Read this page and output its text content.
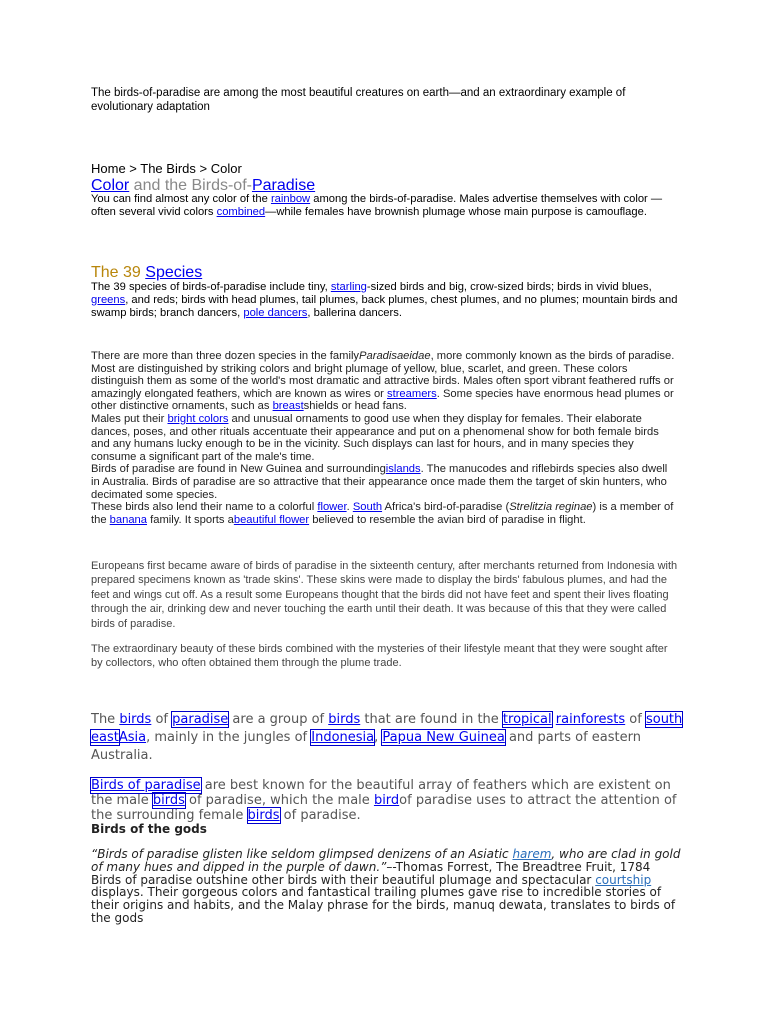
The birds-of-paradise are among the most beautiful creatures on earth—and an extraordinary example of evolutionary adaptation

Home > The Birds > Color

Color and the Birds-of-Paradise

You can find almost any color of the rainbow among the birds-of-paradise. Males advertise themselves with color —often several vivid colors combined—while females have brownish plumage whose main purpose is camouflage.

The 39 Species

The 39 species of birds-of-paradise include tiny, starling-sized birds and big, crow-sized birds; birds in vivid blues, greens, and reds; birds with head plumes, tail plumes, back plumes, chest plumes, and no plumes; mountain birds and swamp birds; branch dancers, pole dancers, ballerina dancers.

There are more than three dozen species in the familyParadisaeidae, more commonly known as the birds of paradise. Most are distinguished by striking colors and bright plumage of yellow, blue, scarlet, and green. These colors distinguish them as some of the world's most dramatic and attractive birds. Males often sport vibrant feathered ruffs or amazingly elongated feathers, which are known as wires or streamers. Some species have enormous head plumes or other distinctive ornaments, such as breastshields or head fans.

Males put their bright colors and unusual ornaments to good use when they display for females. Their elaborate dances, poses, and other rituals accentuate their appearance and put on a phenomenal show for both female birds and any humans lucky enough to be in the vicinity. Such displays can last for hours, and in many species they consume a significant part of the male's time.

Birds of paradise are found in New Guinea and surroundingislands. The manucodes and riflebirds species also dwell in Australia. Birds of paradise are so attractive that their appearance once made them the target of skin hunters, who decimated some species.

These birds also lend their name to a colorful flower. South Africa's bird-of-paradise (Strelitzia reginae) is a member of the banana family. It sports abeautiful flower believed to resemble the avian bird of paradise in flight.

Europeans first became aware of birds of paradise in the sixteenth century, after merchants returned from Indonesia with prepared specimens known as 'trade skins'. These skins were made to display the birds' fabulous plumes, and had the feet and wings cut off. As a result some Europeans thought that the birds did not have feet and spent their lives floating through the air, drinking dew and never touching the earth until their death. It was because of this that they were called birds of paradise.

The extraordinary beauty of these birds combined with the mysteries of their lifestyle meant that they were sought after by collectors, who often obtained them through the plume trade.

The birds of paradise are a group of birds that are found in the tropical rainforests of south eastAsia, mainly in the jungles of Indonesia, Papua New Guinea and parts of eastern Australia.

Birds of paradise are best known for the beautiful array of feathers which are existent on the male birds of paradise, which the male birdof paradise uses to attract the attention of the surrounding female birds of paradise.

Birds of the gods

“Birds of paradise glisten like seldom glimpsed denizens of an Asiatic harem, who are clad in gold of many hues and dipped in the purple of dawn.”–-Thomas Forrest, The Breadtree Fruit, 1784

Birds of paradise outshine other birds with their beautiful plumage and spectacular courtship displays. Their gorgeous colors and fantastical trailing plumes gave rise to incredible stories of their origins and habits, and the Malay phrase for the birds, manuq dewata, translates to birds of the gods
